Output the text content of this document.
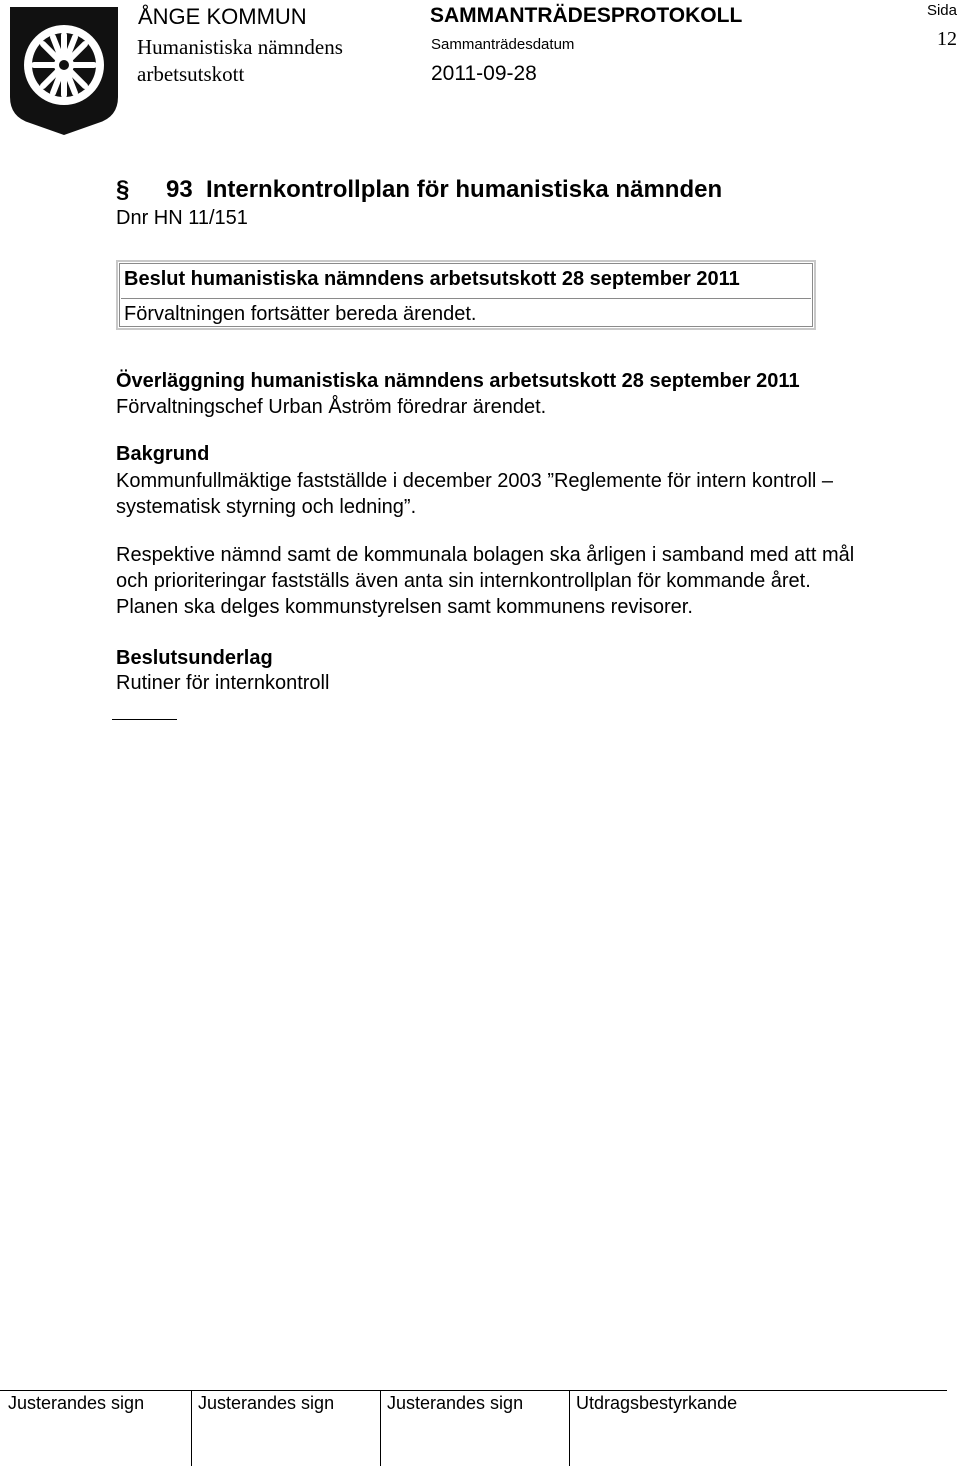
ÅNGE KOMMUN
Humanistiska nämndens
arbetsutskott
SAMMANTRÄDESPROTOKOLL
Sammanträdesdatum
2011-09-28
Sida
12
§ 93 Internkontrollplan för humanistiska nämnden
Dnr HN 11/151
Beslut humanistiska nämndens arbetsutskott 28 september 2011
Förvaltningen fortsätter bereda ärendet.
Överläggning humanistiska nämndens arbetsutskott 28 september 2011
Förvaltningschef Urban Åström föredrar ärendet.
Bakgrund
Kommunfullmäktige fastställde i december 2003 ”Reglemente för intern kontroll –
systematisk styrning och ledning”.
Respektive nämnd samt de kommunala bolagen ska årligen i samband med att mål
och prioriteringar fastställs även anta sin internkontrollplan för kommande året.
Planen ska delges kommunstyrelsen samt kommunens revisorer.
Beslutsunderlag
Rutiner för internkontroll
Justerandes sign	Justerandes sign	Justerandes sign	Utdragsbestyrkande
